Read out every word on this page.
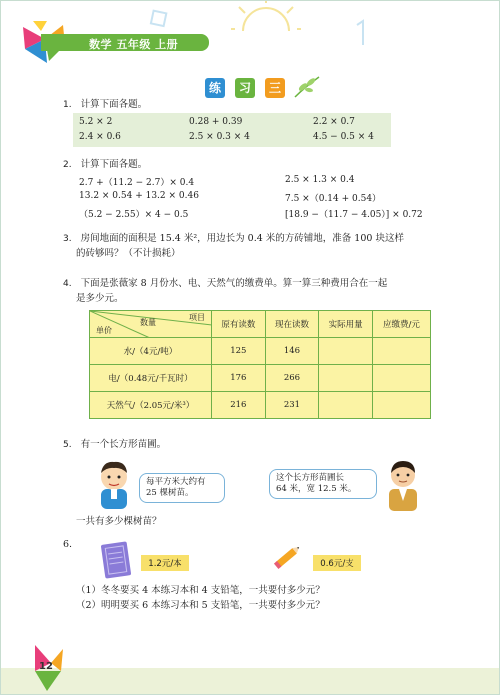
数学 五年级 上册
练	习	三
1. 计算下面各题。
5.2 × 2	0.28 + 0.39	2.2 × 0.7
2.4 × 0.6	2.5 × 0.3 × 4	4.5 − 0.5 × 4
2. 计算下面各题。
2.7 +（11.2 − 2.7）× 0.4	2.5 × 1.3 × 0.4
13.2 × 0.54 + 13.2 × 0.46	7.5 ×（0.14 + 0.54）
（5.2 − 2.55）× 4 − 0.5	[18.9 −（11.7 − 4.05）] × 0.72
3. 房间地面的面积是 15.4 米²，用边长为 0.4 米的方砖铺地，准备 100 块这样
的砖够吗？（不计损耗）
4. 下面是张薇家 8 月份水、电、天然气的缴费单。算一算三种费用合在一起
是多少元。
项目
数量
单价	原有读数	现在读数	实际用量	应缴费/元
水/（4元/吨）	125	146		
电/（0.48元/千瓦时）	176	266		
天然气/（2.05元/米³）	216	231		
5. 有一个长方形苗圃。
每平方米大约有
25 棵树苗。
这个长方形苗圃长
64 米，宽 12.5 米。
一共有多少棵树苗？
6.
1.2元/本	0.6元/支
（1）冬冬要买 4 本练习本和 4 支铅笔，一共要付多少元？
（2）明明要买 6 本练习本和 5 支铅笔，一共要付多少元？
12
